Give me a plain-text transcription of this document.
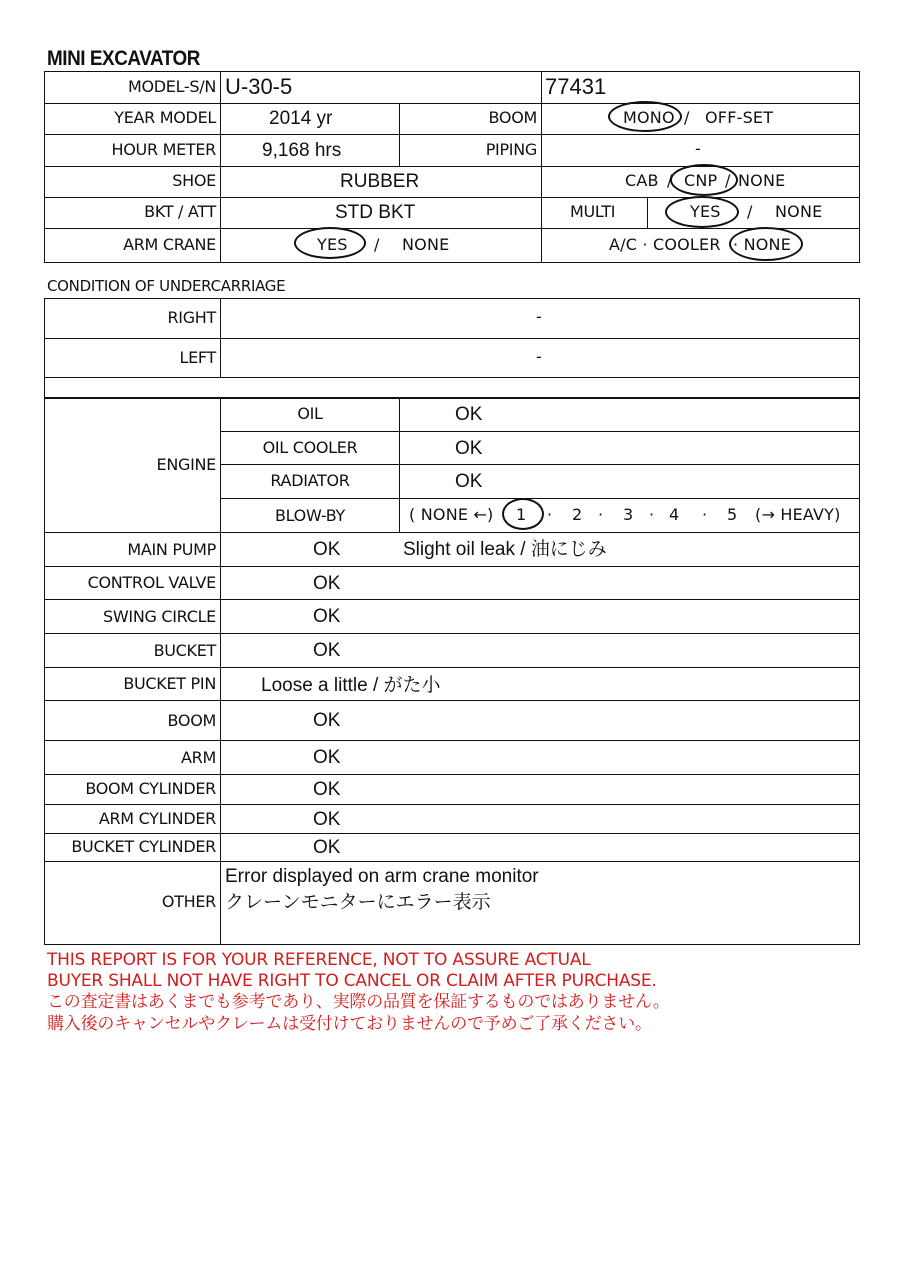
MINI EXCAVATOR
MODEL-S/N U-30-5	77431
YEAR MODEL	2014 yr	BOOM	MONO / OFF-SET
HOUR METER 9,168 hrs	PIPING	-
SHOE	RUBBER	CAB / CNP / NONE
BKT / ATT	STD BKT	MULTI	YES / NONE
ARM CRANE	YES / NONE	A/C · COOLER · NONE
CONDITION OF UNDERCARRIAGE
RIGHT	-
LEFT	-
ENGINE
OIL	OK
OIL COOLER	OK
RADIATOR	OK
BLOW-BY	( NONE ←) 1 · 2 · 3 · 4 · 5 (→ HEAVY)
MAIN PUMP	OK	Slight oil leak / 油にじみ
CONTROL VALVE	OK
SWING CIRCLE	OK
BUCKET	OK
BUCKET PIN Loose a little / がた小
BOOM	OK
ARM	OK
BOOM CYLINDER	OK
ARM CYLINDER	OK
BUCKET CYLINDER	OK
OTHER
Error displayed on arm crane monitor
クレーンモニターにエラー表示
THIS REPORT IS FOR YOUR REFERENCE, NOT TO ASSURE ACTUAL
BUYER SHALL NOT HAVE RIGHT TO CANCEL OR CLAIM AFTER PURCHASE.
この査定書はあくまでも参考であり、実際の品質を保証するものではありません。
購入後のキャンセルやクレームは受付けておりませんので予めご了承ください。
